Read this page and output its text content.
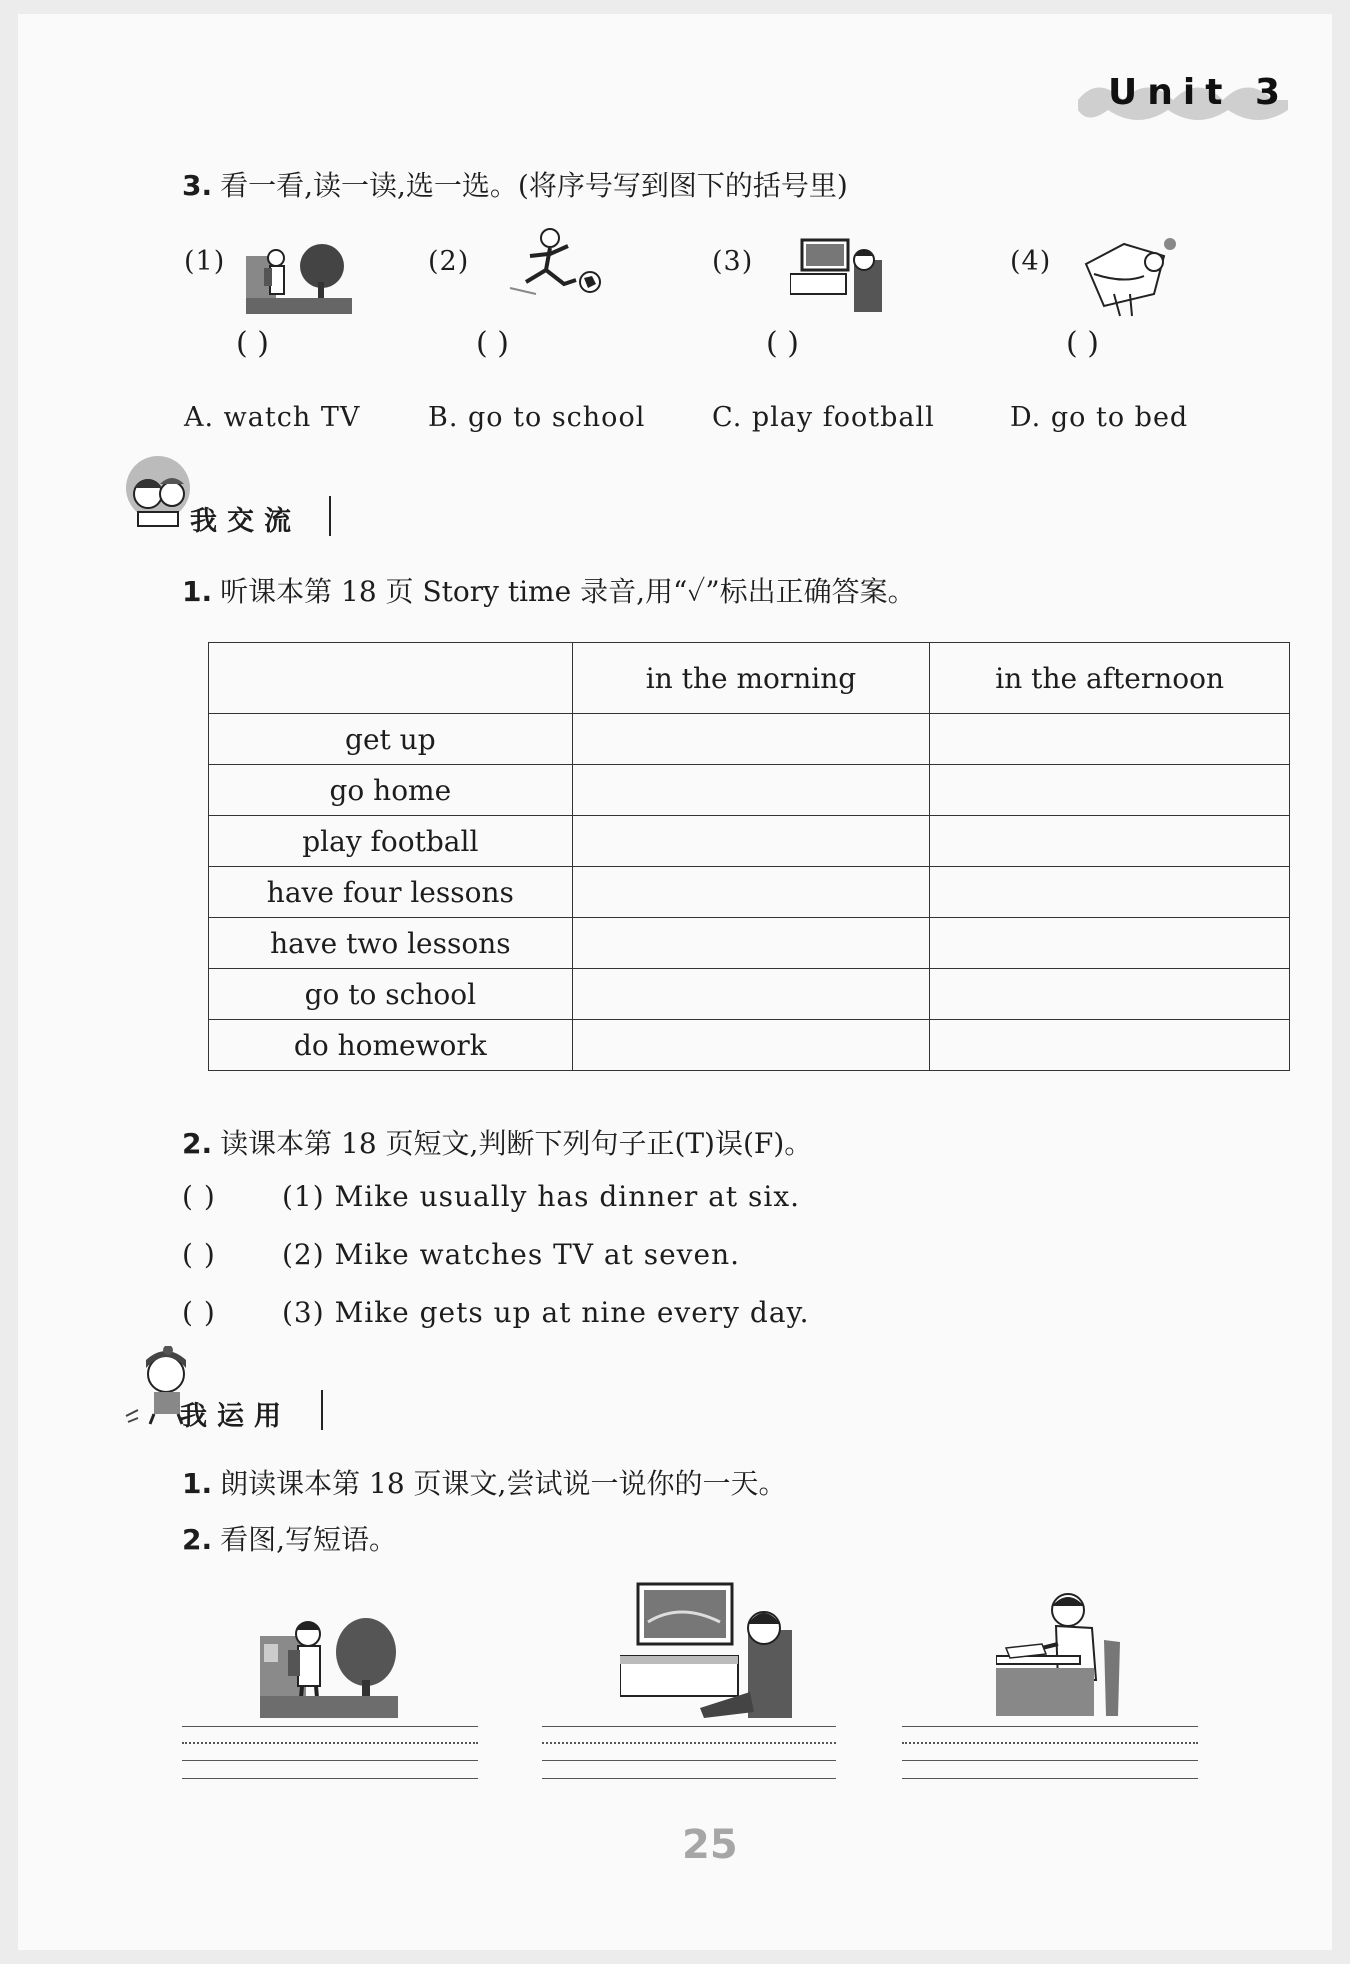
Unit 3
3. 看一看,读一读,选一选。(将序号写到图下的括号里)
(1)	(2)	(3)	(4)
( )	( )	( )	( )
A. watch TV	B. go to school C. play football	D. go to bed
我交流
1. 听课本第 18 页 Story time 录音,用“✓”标出正确答案。
	in the morning	in the afternoon
get up		
go home		
play football		
have four lessons		
have two lessons		
go to school		
do homework		
2. 读课本第 18 页短文,判断下列句子正(T)误(F)。
( ) (1) Mike usually has dinner at six.
( ) (2) Mike watches TV at seven.
( ) (3) Mike gets up at nine every day.
我运用
1. 朗读课本第 18 页课文,尝试说一说你的一天。
2. 看图,写短语。
25
